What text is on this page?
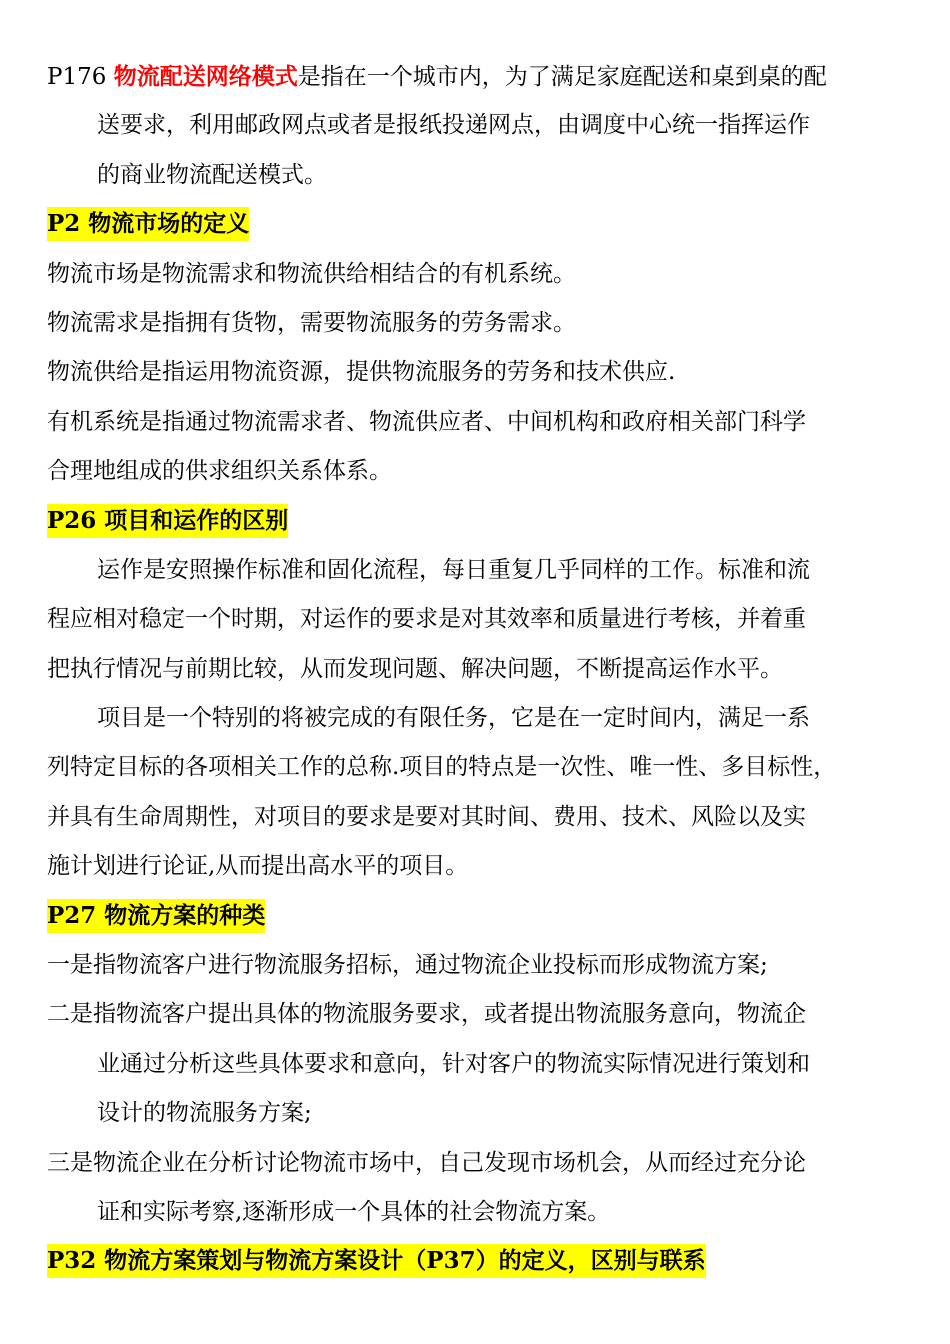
P176 物流配送网络模式是指在一个城市内，为了满足家庭配送和桌到桌的配
送要求，利用邮政网点或者是报纸投递网点，由调度中心统一指挥运作
的商业物流配送模式。
P2 物流市场的定义
物流市场是物流需求和物流供给相结合的有机系统。
物流需求是指拥有货物，需要物流服务的劳务需求。
物流供给是指运用物流资源，提供物流服务的劳务和技术供应.
有机系统是指通过物流需求者、物流供应者、中间机构和政府相关部门科学
合理地组成的供求组织关系体系。
P26 项目和运作的区别
运作是安照操作标准和固化流程，每日重复几乎同样的工作。标准和流
程应相对稳定一个时期，对运作的要求是对其效率和质量进行考核，并着重
把执行情况与前期比较，从而发现问题、解决问题，不断提高运作水平。
项目是一个特别的将被完成的有限任务，它是在一定时间内，满足一系
列特定目标的各项相关工作的总称.项目的特点是一次性、唯一性、多目标性，
并具有生命周期性，对项目的要求是要对其时间、费用、技术、风险以及实
施计划进行论证,从而提出高水平的项目。
P27 物流方案的种类
一是指物流客户进行物流服务招标，通过物流企业投标而形成物流方案;
二是指物流客户提出具体的物流服务要求，或者提出物流服务意向，物流企
业通过分析这些具体要求和意向，针对客户的物流实际情况进行策划和
设计的物流服务方案;
三是物流企业在分析讨论物流市场中，自己发现市场机会，从而经过充分论
证和实际考察,逐渐形成一个具体的社会物流方案。
P32 物流方案策划与物流方案设计（P37）的定义，区别与联系
